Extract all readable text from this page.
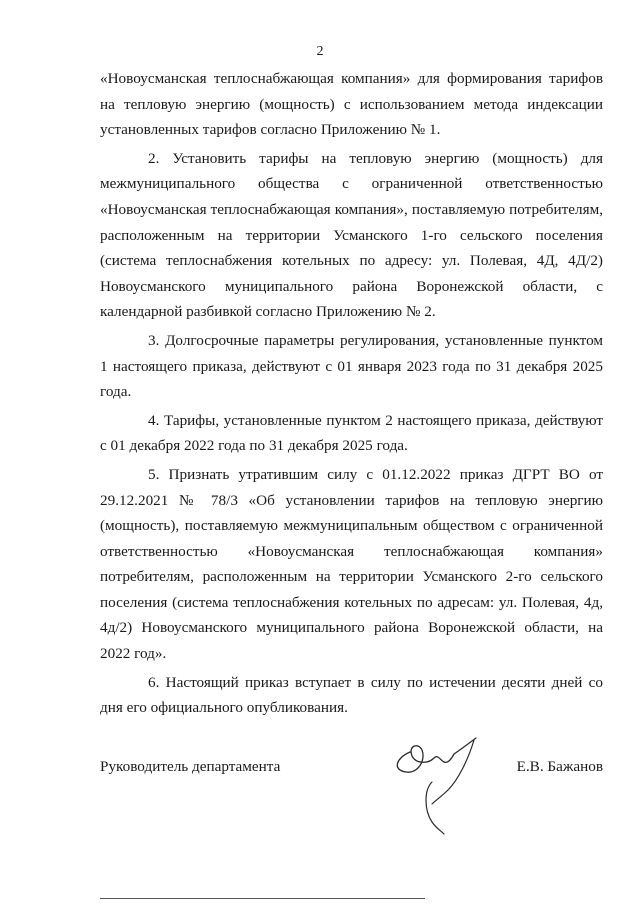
2

«Новоусманская теплоснабжающая компания» для формирования тарифов на тепловую энергию (мощность) с использованием метода индексации установленных тарифов согласно Приложению № 1.

2. Установить тарифы на тепловую энергию (мощность) для межмуниципального общества с ограниченной ответственностью «Новоусманская теплоснабжающая компания», поставляемую потребителям, расположенным на территории Усманского 1-го сельского поселения (система теплоснабжения котельных по адресу: ул. Полевая, 4Д, 4Д/2) Новоусманского муниципального района Воронежской области, с календарной разбивкой согласно Приложению № 2.

3. Долгосрочные параметры регулирования, установленные пунктом 1 настоящего приказа, действуют с 01 января 2023 года по 31 декабря 2025 года.

4. Тарифы, установленные пунктом 2 настоящего приказа, действуют с 01 декабря 2022 года по 31 декабря 2025 года.

5. Признать утратившим силу с 01.12.2022 приказ ДГРТ ВО от 29.12.2021 № 78/3 «Об установлении тарифов на тепловую энергию (мощность), поставляемую межмуниципальным обществом с ограниченной ответственностью «Новоусманская теплоснабжающая компания» потребителям, расположенным на территории Усманского 2-го сельского поселения (система теплоснабжения котельных по адресам: ул. Полевая, 4д, 4д/2) Новоусманского муниципального района Воронежской области, на 2022 год».

6. Настоящий приказ вступает в силу по истечении десяти дней со дня его официального опубликования.

Руководитель департамента	Е.В. Бажанов
